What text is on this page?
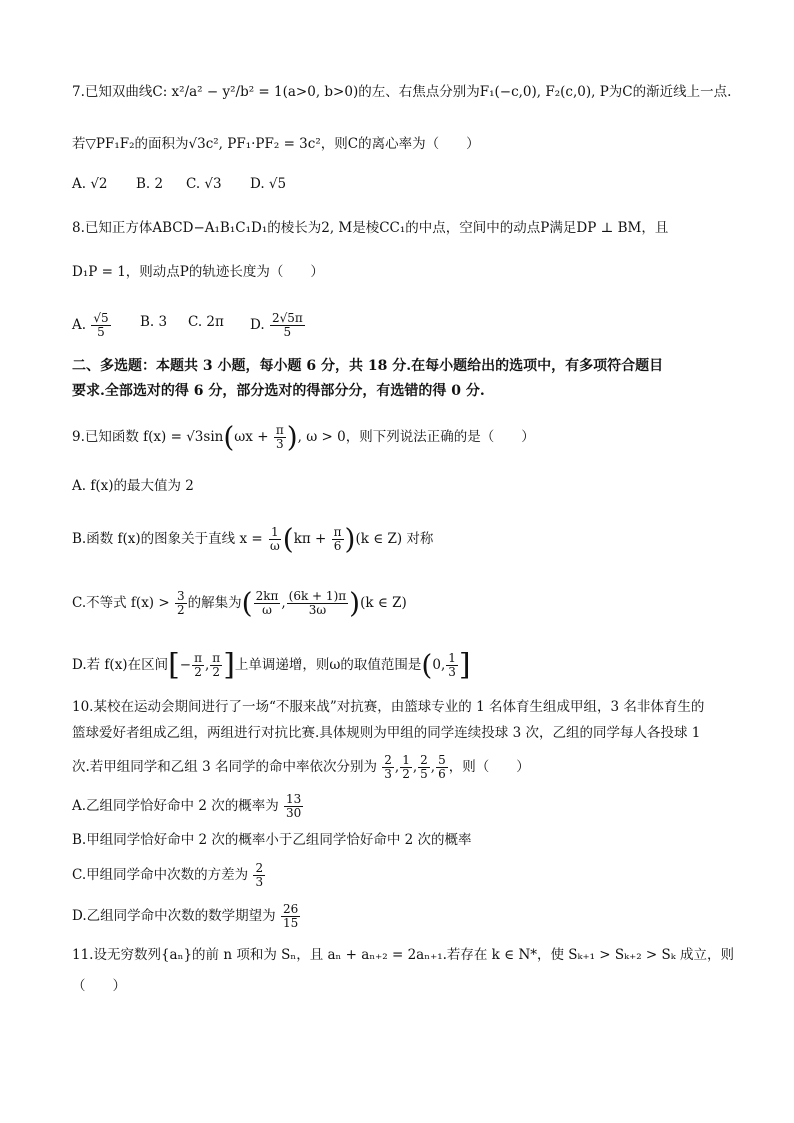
7.已知双曲线C: x²/a² − y²/b² = 1(a>0, b>0)的左、右焦点分别为F₁(−c,0), F₂(c,0), P为C的渐近线上一点.
若▽PF₁F₂的面积为√3c², PF₁·PF₂ = 3c²，则C的离心率为（　　）
A. √2 B. 2 C. √3 D. √5
8.已知正方体ABCD−A₁B₁C₁D₁的棱长为2, M是棱CC₁的中点，空间中的动点P满足DP ⊥ BM，且
D₁P = 1，则动点P的轨迹长度为（　　）
A. $\frac{√5}{5} B$. 3 C. 2π D. $\frac{2√5\pi}{5}$
二、多选题：本题共 3 小题，每小题 6 分，共 18 分.在每小题给出的选项中，有多项符合题目
要求.全部选对的得 6 分，部分选对的得部分分，有选错的得 0 分.
9.已知函数 $f(x) = √3\sin(\omega x + \frac{\pi}{3}$ ), ω > 0，则下列说法正确的是（　　）
A. f(x)的最大值为 2
B.函数 f(x)的图象关于直线 $x = \frac{1}{\omega} (k\pi + \frac{\pi}{6} )(k$ ∈ Z) 对称
C.不等式 $f(x) > \frac{3}{2}$ 的解集为( $\frac{2k\pi}{\omega}$ , $\frac{(6k + 1)\pi}{3\omega} )(k$ ∈ Z)
D.若 f(x)在区间[− $\frac{\pi}{2}$ , $\frac{\pi}{2}$ ]上单调递增，则ω的取值范围是(0, $\frac{1}{3}$ ]
10.某校在运动会期间进行了一场“不服来战”对抗赛，由篮球专业的 1 名体育生组成甲组，3 名非体育生的
篮球爱好者组成乙组，两组进行对抗比赛.具体规则为甲组的同学连续投球 3 次，乙组的同学每人各投球 1
次.若甲组同学和乙组 3 名同学的命中率依次分别为 $\frac{2}{3}$ , $\frac{1}{2}$ , $\frac{2}{5}$ , $\frac{5}{6}$ ，则（　　）
A.乙组同学恰好命中 2 次的概率为 $\frac{13}{30}$
B.甲组同学恰好命中 2 次的概率小于乙组同学恰好命中 2 次的概率
C.甲组同学命中次数的方差为 $\frac{2}{3}$
D.乙组同学命中次数的数学期望为 $\frac{26}{15}$
11.设无穷数列{aₙ}的前 n 项和为 Sₙ，且 aₙ + aₙ₊₂ = 2aₙ₊₁.若存在 k ∈ N*，使 Sₖ₊₁ > Sₖ₊₂ > Sₖ 成立，则
（　　）
